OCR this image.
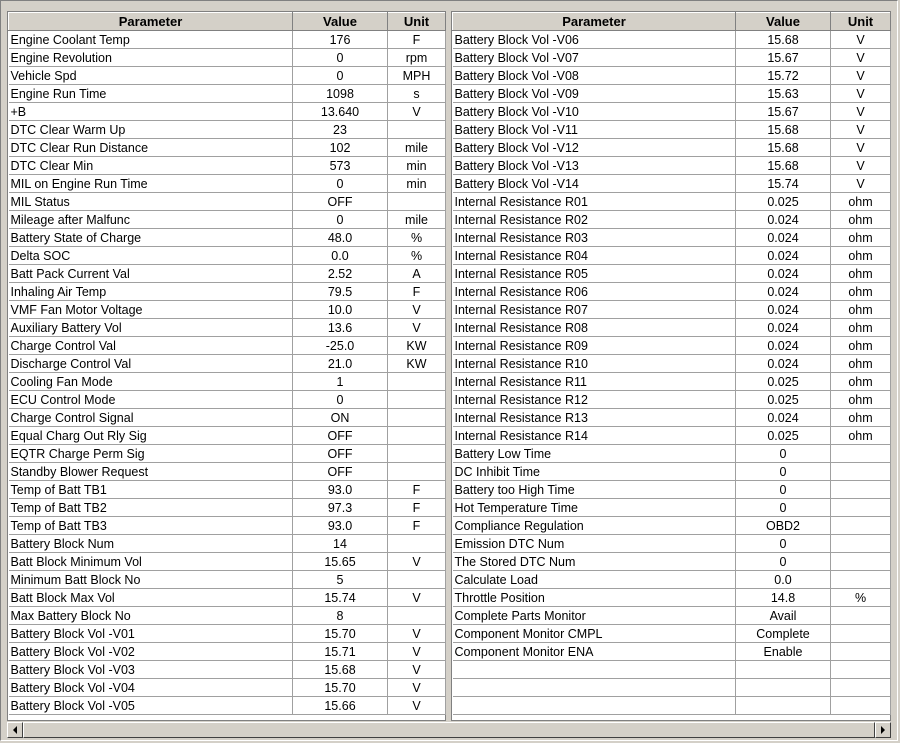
Parameter	Value	Unit
Engine Coolant Temp	176	F
Engine Revolution	0	rpm
Vehicle Spd	0	MPH
Engine Run Time	1098	s
+B	13.640	V
DTC Clear Warm Up	23	
DTC Clear Run Distance	102	mile
DTC Clear Min	573	min
MIL on Engine Run Time	0	min
MIL Status	OFF	
Mileage after Malfunc	0	mile
Battery State of Charge	48.0	%
Delta SOC	0.0	%
Batt Pack Current Val	2.52	A
Inhaling Air Temp	79.5	F
VMF Fan Motor Voltage	10.0	V
Auxiliary Battery Vol	13.6	V
Charge Control Val	-25.0	KW
Discharge Control Val	21.0	KW
Cooling Fan Mode	1	
ECU Control Mode	0	
Charge Control Signal	ON	
Equal Charg Out Rly Sig	OFF	
EQTR Charge Perm Sig	OFF	
Standby Blower Request	OFF	
Temp of Batt TB1	93.0	F
Temp of Batt TB2	97.3	F
Temp of Batt TB3	93.0	F
Battery Block Num	14	
Batt Block Minimum Vol	15.65	V
Minimum Batt Block No	5	
Batt Block Max Vol	15.74	V
Max Battery Block No	8	
Battery Block Vol -V01	15.70	V
Battery Block Vol -V02	15.71	V
Battery Block Vol -V03	15.68	V
Battery Block Vol -V04	15.70	V
Battery Block Vol -V05	15.66	V
Parameter	Value	Unit
Battery Block Vol -V06	15.68	V
Battery Block Vol -V07	15.67	V
Battery Block Vol -V08	15.72	V
Battery Block Vol -V09	15.63	V
Battery Block Vol -V10	15.67	V
Battery Block Vol -V11	15.68	V
Battery Block Vol -V12	15.68	V
Battery Block Vol -V13	15.68	V
Battery Block Vol -V14	15.74	V
Internal Resistance R01	0.025	ohm
Internal Resistance R02	0.024	ohm
Internal Resistance R03	0.024	ohm
Internal Resistance R04	0.024	ohm
Internal Resistance R05	0.024	ohm
Internal Resistance R06	0.024	ohm
Internal Resistance R07	0.024	ohm
Internal Resistance R08	0.024	ohm
Internal Resistance R09	0.024	ohm
Internal Resistance R10	0.024	ohm
Internal Resistance R11	0.025	ohm
Internal Resistance R12	0.025	ohm
Internal Resistance R13	0.024	ohm
Internal Resistance R14	0.025	ohm
Battery Low Time	0	
DC Inhibit Time	0	
Battery too High Time	0	
Hot Temperature Time	0	
Compliance Regulation	OBD2	
Emission DTC Num	0	
The Stored DTC Num	0	
Calculate Load	0.0	
Throttle Position	14.8	%
Complete Parts Monitor	Avail	
Component Monitor CMPL	Complete	
Component Monitor ENA	Enable	
